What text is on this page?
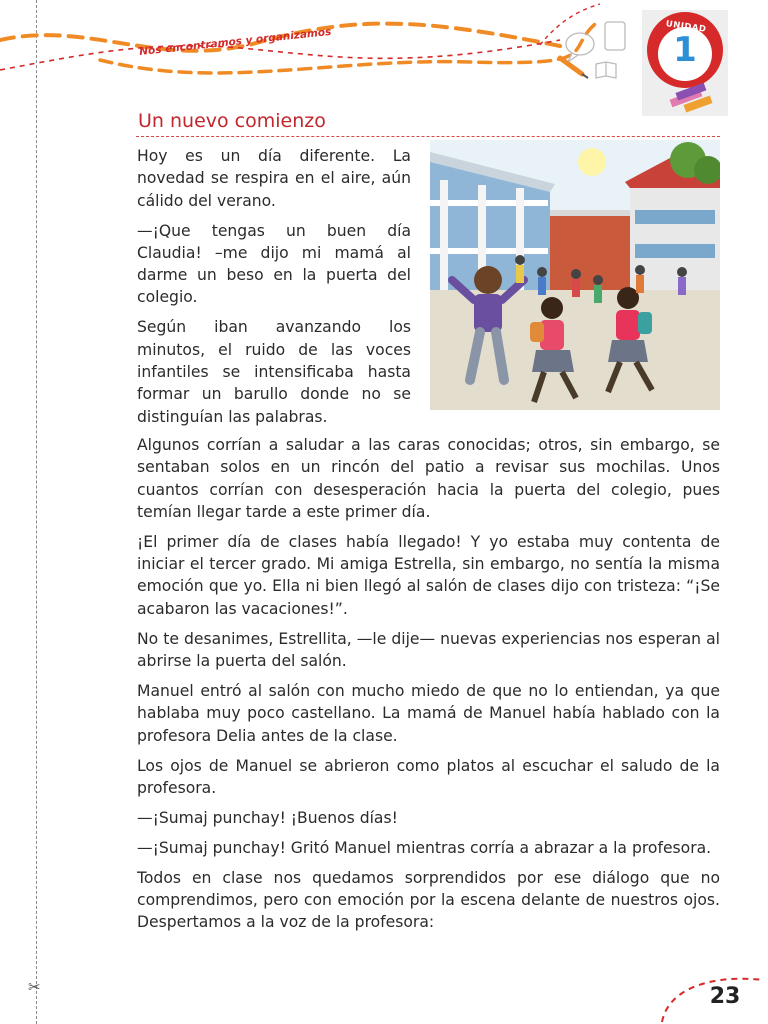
✂
Nos encontramos y organizamos	UNIDAD
1
Un nuevo comienzo

Hoy es un día diferente. La novedad se respira en el aire, aún cálido del verano.

—¡Que tengas un buen día Claudia! –me dijo mi mamá al darme un beso en la puerta del colegio.

Según iban avanzando los minutos, el ruido de las voces infantiles se intensificaba hasta formar un barullo donde no se distinguían las palabras.

Algunos corrían a saludar a las caras conocidas; otros, sin embargo, se sentaban solos en un rincón del patio a revisar sus mochilas. Unos cuantos corrían con desesperación hacia la puerta del colegio, pues temían llegar tarde a este primer día.

¡El primer día de clases había llegado! Y yo estaba muy contenta de iniciar el tercer grado. Mi amiga Estrella, sin embargo, no sentía la misma emoción que yo. Ella ni bien llegó al salón de clases dijo con tristeza: “¡Se acabaron las vacaciones!”.

No te desanimes, Estrellita, —le dije— nuevas experiencias nos esperan al abrirse la puerta del salón.

Manuel entró al salón con mucho miedo de que no lo entiendan, ya que hablaba muy poco castellano. La mamá de Manuel había hablado con la profesora Delia antes de la clase.

Los ojos de Manuel se abrieron como platos al escuchar el saludo de la profesora.

—¡Sumaj punchay! ¡Buenos días!

—¡Sumaj punchay! Gritó Manuel mientras corría a abrazar a la profesora.

Todos en clase nos quedamos sorprendidos por ese diálogo que no comprendimos, pero con emoción por la escena delante de nuestros ojos. Despertamos a la voz de la profesora:

23
